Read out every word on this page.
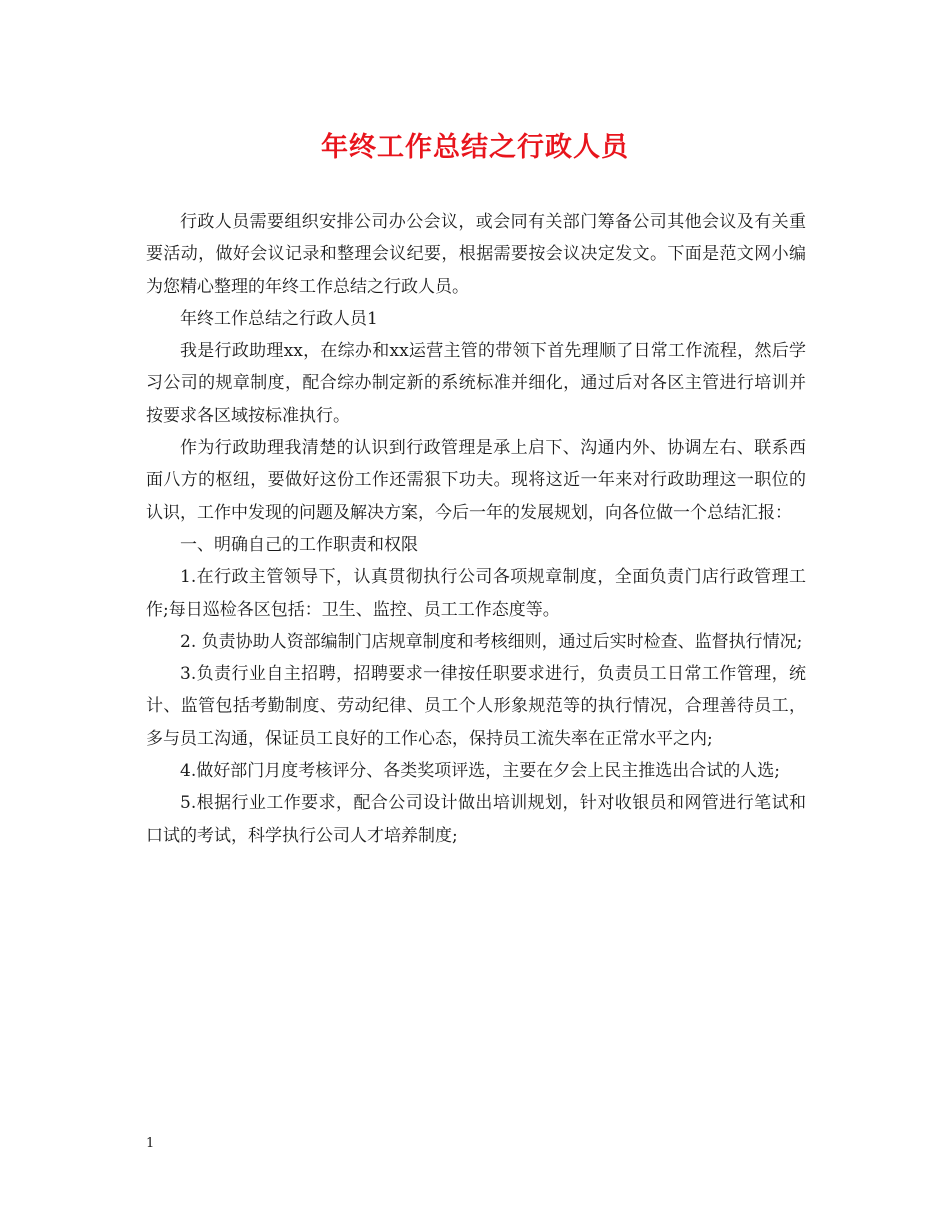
年终工作总结之行政人员

行政人员需要组织安排公司办公会议，或会同有关部门筹备公司其他会议及有关重要活动，做好会议记录和整理会议纪要，根据需要按会议决定发文。下面是范文网小编为您精心整理的年终工作总结之行政人员。

年终工作总结之行政人员1

我是行政助理xx，在综办和xx运营主管的带领下首先理顺了日常工作流程，然后学习公司的规章制度，配合综办制定新的系统标准并细化，通过后对各区主管进行培训并按要求各区域按标准执行。

作为行政助理我清楚的认识到行政管理是承上启下、沟通内外、协调左右、联系西面八方的枢纽，要做好这份工作还需狠下功夫。现将这近一年来对行政助理这一职位的认识，工作中发现的问题及解决方案，今后一年的发展规划，向各位做一个总结汇报：

一、明确自己的工作职责和权限

1.在行政主管领导下，认真贯彻执行公司各项规章制度，全面负责门店行政管理工作;每日巡检各区包括：卫生、监控、员工工作态度等。

2. 负责协助人资部编制门店规章制度和考核细则，通过后实时检查、监督执行情况;

3.负责行业自主招聘，招聘要求一律按任职要求进行，负责员工日常工作管理，统计、监管包括考勤制度、劳动纪律、员工个人形象规范等的执行情况，合理善待员工，多与员工沟通，保证员工良好的工作心态，保持员工流失率在正常水平之内;

4.做好部门月度考核评分、各类奖项评选，主要在夕会上民主推选出合试的人选;

5.根据行业工作要求，配合公司设计做出培训规划，针对收银员和网管进行笔试和口试的考试，科学执行公司人才培养制度;

1
